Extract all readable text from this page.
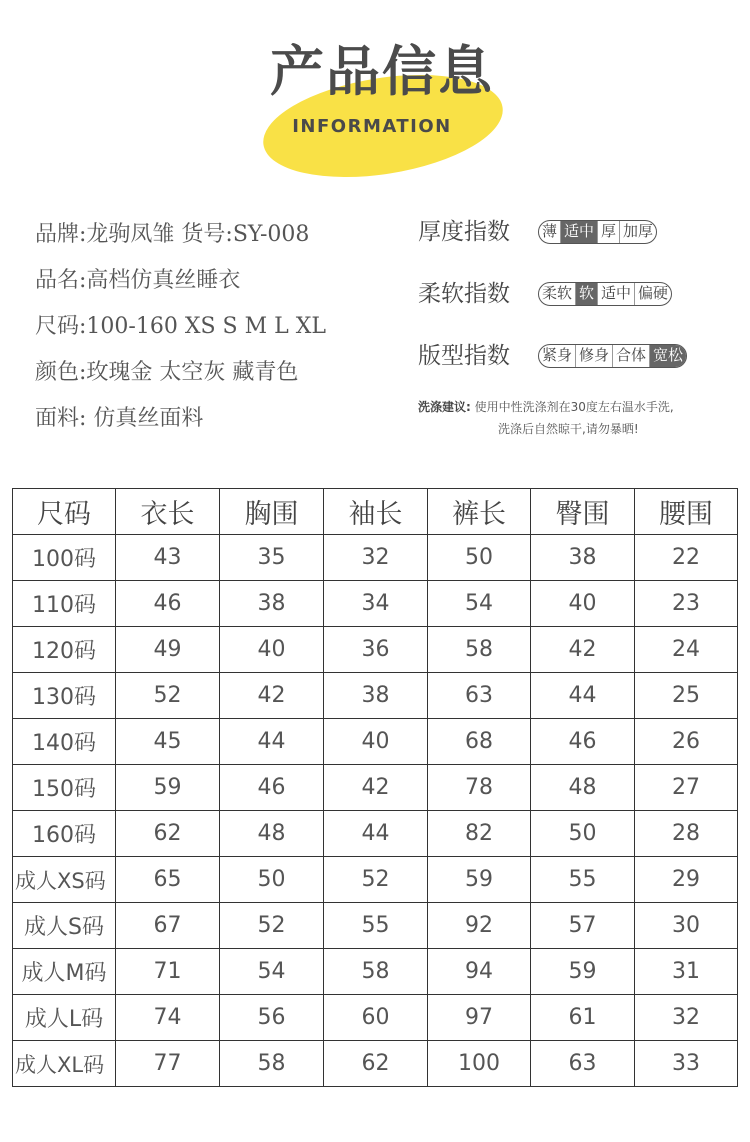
产品信息
INFORMATION
品牌:龙驹凤雏 货号:SY-008
品名:高档仿真丝睡衣
尺码:100-160 XS S M L XL
颜色:玫瑰金 太空灰 藏青色
面料: 仿真丝面料
厚度指数 薄 适中 厚 加厚
柔软指数 柔软 软 适中 偏硬
版型指数 紧身 修身 合体 宽松
洗涤建议: 使用中性洗涤剂在30度左右温水手洗,
洗涤后自然晾干,请勿暴晒!
尺码	衣长	胸围	袖长	裤长	臀围	腰围
100码	43	35	32	50	38	22
110码	46	38	34	54	40	23
120码	49	40	36	58	42	24
130码	52	42	38	63	44	25
140码	45	44	40	68	46	26
150码	59	46	42	78	48	27
160码	62	48	44	82	50	28
成人XS码	65	50	52	59	55	29
成人S码	67	52	55	92	57	30
成人M码	71	54	58	94	59	31
成人L码	74	56	60	97	61	32
成人XL码	77	58	62	100	63	33
